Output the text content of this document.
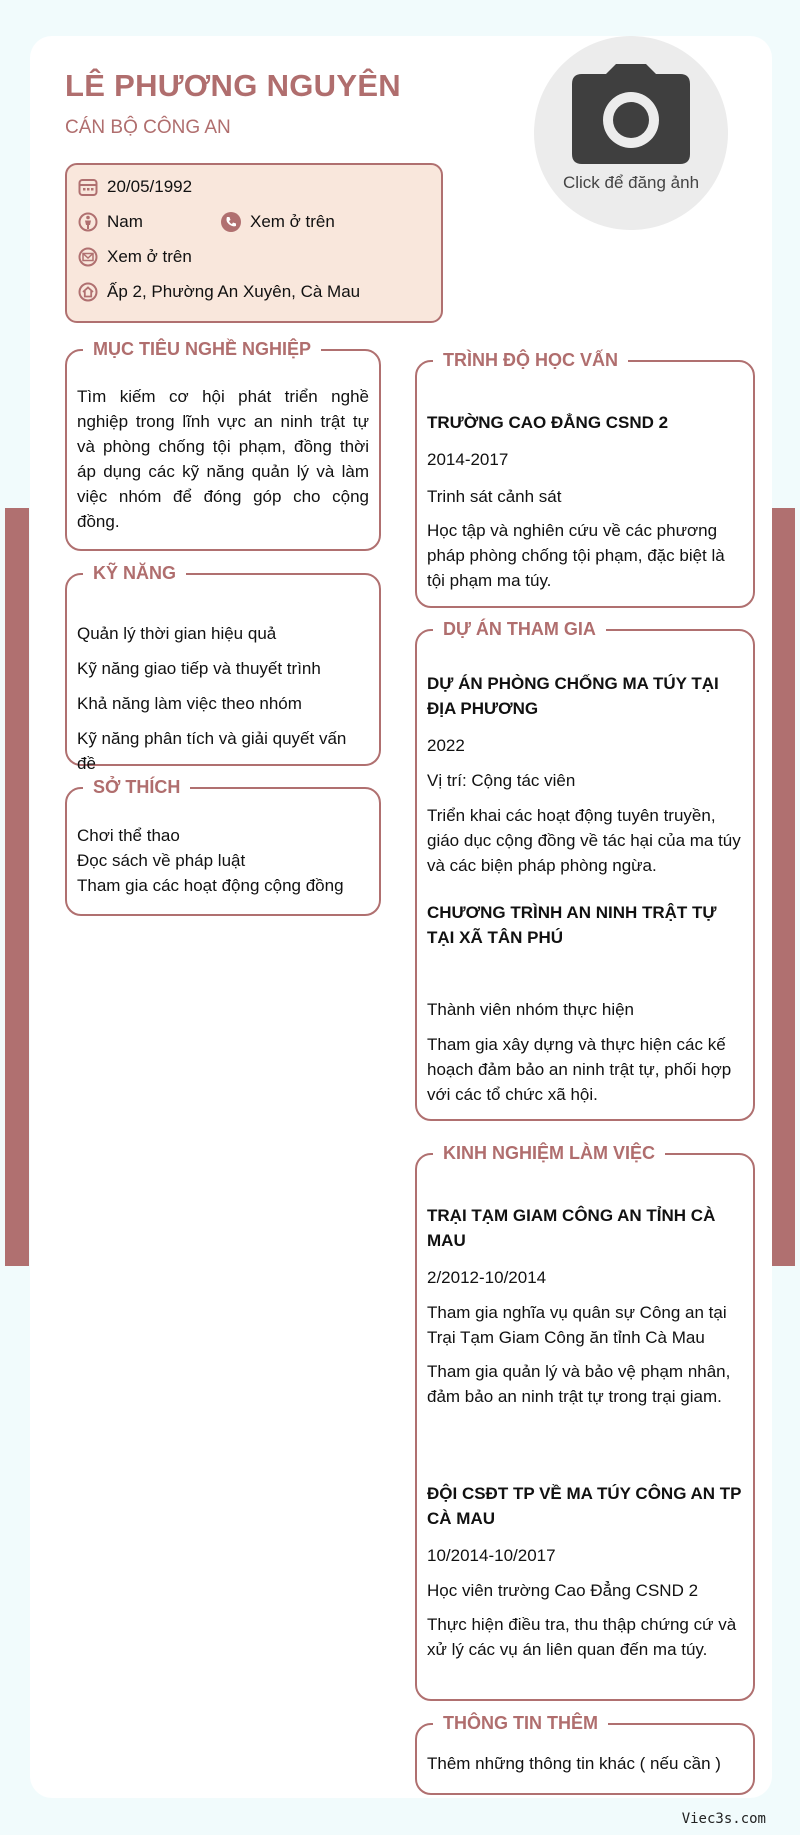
LÊ PHƯƠNG NGUYÊN
CÁN BỘ CÔNG AN
Click để đăng ảnh
20/05/1992
Nam	Xem ở trên
Xem ở trên
Ấp 2, Phường An Xuyên, Cà Mau
MỤC TIÊU NGHỀ NGHIỆP
Tìm kiếm cơ hội phát triển nghề nghiệp trong lĩnh vực an ninh trật tự và phòng chống tội phạm, đồng thời áp dụng các kỹ năng quản lý và làm việc nhóm để đóng góp cho cộng đồng.
KỸ NĂNG
Quản lý thời gian hiệu quả
Kỹ năng giao tiếp và thuyết trình
Khả năng làm việc theo nhóm
Kỹ năng phân tích và giải quyết vấn đề
SỞ THÍCH
Chơi thể thao
Đọc sách về pháp luật
Tham gia các hoạt động cộng đồng
TRÌNH ĐỘ HỌC VẤN
TRƯỜNG CAO ĐẲNG CSND 2
2014-2017
Trinh sát cảnh sát
Học tập và nghiên cứu về các phương pháp phòng chống tội phạm, đặc biệt là tội phạm ma túy.
DỰ ÁN THAM GIA
DỰ ÁN PHÒNG CHỐNG MA TÚY TẠI ĐỊA PHƯƠNG
2022
Vị trí: Cộng tác viên
Triển khai các hoạt động tuyên truyền, giáo dục cộng đồng về tác hại của ma túy và các biện pháp phòng ngừa.
CHƯƠNG TRÌNH AN NINH TRẬT TỰ TẠI XÃ TÂN PHÚ
Thành viên nhóm thực hiện
Tham gia xây dựng và thực hiện các kế hoạch đảm bảo an ninh trật tự, phối hợp với các tổ chức xã hội.
KINH NGHIỆM LÀM VIỆC
TRẠI TẠM GIAM CÔNG AN TỈNH CÀ MAU
2/2012-10/2014
Tham gia nghĩa vụ quân sự Công an tại Trại Tạm Giam Công ăn tỉnh Cà Mau
Tham gia quản lý và bảo vệ phạm nhân, đảm bảo an ninh trật tự trong trại giam.
ĐỘI CSĐT TP VỀ MA TÚY CÔNG AN TP CÀ MAU
10/2014-10/2017
Học viên trường Cao Đẳng CSND 2
Thực hiện điều tra, thu thập chứng cứ và xử lý các vụ án liên quan đến ma túy.
THÔNG TIN THÊM
Thêm những thông tin khác ( nếu cần )
Viec3s.com
